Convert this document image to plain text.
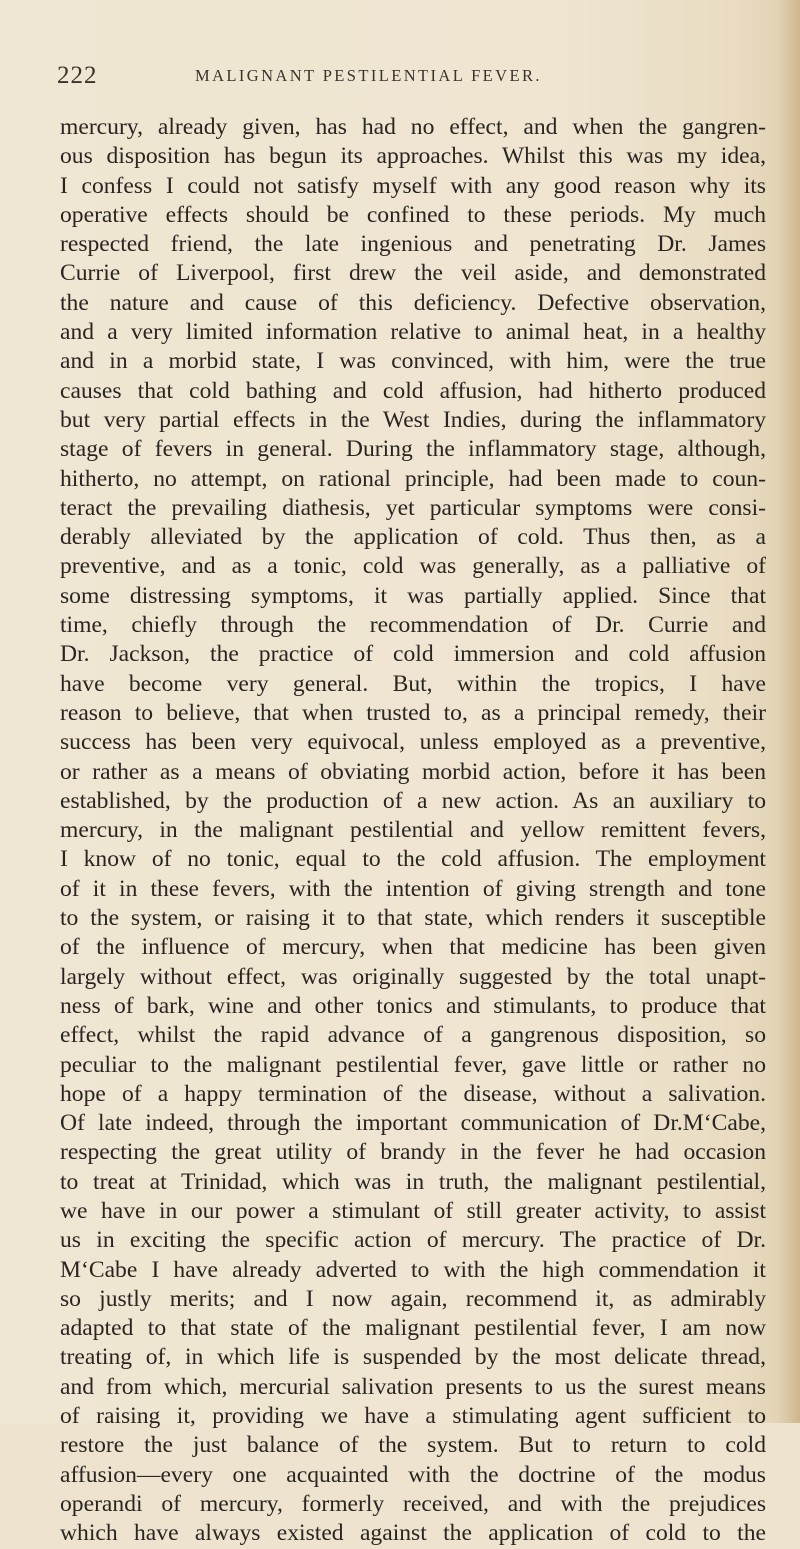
222	MALIGNANT PESTILENTIAL FEVER.
mercury, already given, has had no effect, and when the gangren-
ous disposition has begun its approaches. Whilst this was my idea,
I confess I could not satisfy myself with any good reason why its
operative effects should be confined to these periods. My much
respected friend, the late ingenious and penetrating Dr. James
Currie of Liverpool, first drew the veil aside, and demonstrated
the nature and cause of this deficiency. Defective observation,
and a very limited information relative to animal heat, in a healthy
and in a morbid state, I was convinced, with him, were the true
causes that cold bathing and cold affusion, had hitherto produced
but very partial effects in the West Indies, during the inflammatory
stage of fevers in general. During the inflammatory stage, although,
hitherto, no attempt, on rational principle, had been made to coun-
teract the prevailing diathesis, yet particular symptoms were consi-
derably alleviated by the application of cold. Thus then, as a
preventive, and as a tonic, cold was generally, as a palliative of
some distressing symptoms, it was partially applied. Since that
time, chiefly through the recommendation of Dr. Currie and
Dr. Jackson, the practice of cold immersion and cold affusion
have become very general. But, within the tropics, I have
reason to believe, that when trusted to, as a principal remedy, their
success has been very equivocal, unless employed as a preventive,
or rather as a means of obviating morbid action, before it has been
established, by the production of a new action. As an auxiliary to
mercury, in the malignant pestilential and yellow remittent fevers,
I know of no tonic, equal to the cold affusion. The employment
of it in these fevers, with the intention of giving strength and tone
to the system, or raising it to that state, which renders it susceptible
of the influence of mercury, when that medicine has been given
largely without effect, was originally suggested by the total unapt-
ness of bark, wine and other tonics and stimulants, to produce that
effect, whilst the rapid advance of a gangrenous disposition, so
peculiar to the malignant pestilential fever, gave little or rather no
hope of a happy termination of the disease, without a salivation.
Of late indeed, through the important communication of Dr.M‘Cabe,
respecting the great utility of brandy in the fever he had occasion
to treat at Trinidad, which was in truth, the malignant pestilential,
we have in our power a stimulant of still greater activity, to assist
us in exciting the specific action of mercury. The practice of Dr.
M‘Cabe I have already adverted to with the high commendation it
so justly merits; and I now again, recommend it, as admirably
adapted to that state of the malignant pestilential fever, I am now
treating of, in which life is suspended by the most delicate thread,
and from which, mercurial salivation presents to us the surest means
of raising it, providing we have a stimulating agent sufficient to
restore the just balance of the system. But to return to cold
affusion—every one acquainted with the doctrine of the modus
operandi of mercury, formerly received, and with the prejudices
which have always existed against the application of cold to the
